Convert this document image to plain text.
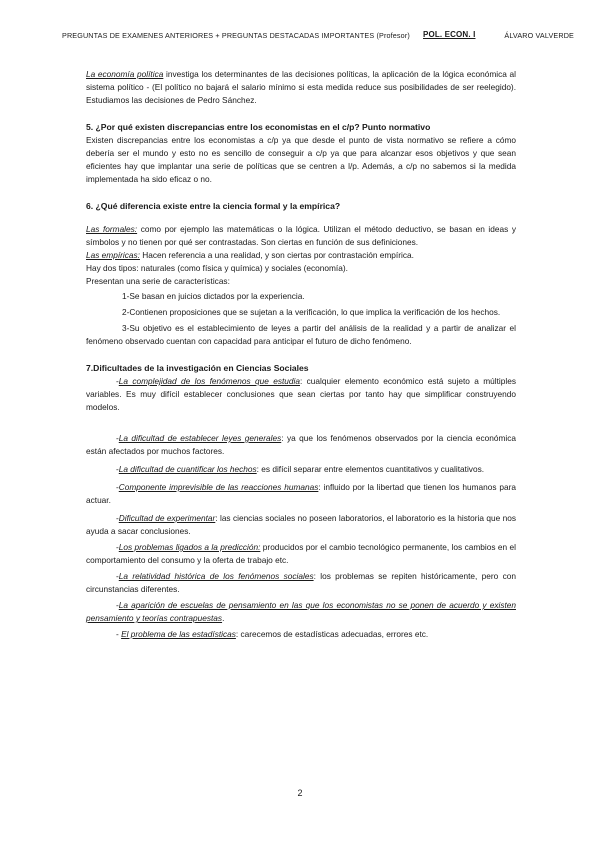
PREGUNTAS DE EXAMENES ANTERIORES + PREGUNTAS DESTACADAS IMPORTANTES (Profesor) POL. ECON. I	ÁLVARO VALVERDE

La economía política investiga los determinantes de las decisiones políticas, la aplicación de la lógica económica al sistema político - (El político no bajará el salario mínimo si esta medida reduce sus posibilidades de ser reelegido). Estudiamos las decisiones de Pedro Sánchez.

5. ¿Por qué existen discrepancias entre los economistas en el c/p? Punto normativo

Existen discrepancias entre los economistas a c/p ya que desde el punto de vista normativo se refiere a cómo debería ser el mundo y esto no es sencillo de conseguir a c/p ya que para alcanzar esos objetivos y que sean eficientes hay que implantar una serie de políticas que se centren a l/p. Además, a c/p no sabemos si la medida implementada ha sido eficaz o no.

6. ¿Qué diferencia existe entre la ciencia formal y la empírica?

Las formales: como por ejemplo las matemáticas o la lógica. Utilizan el método deductivo, se basan en ideas y símbolos y no tienen por qué ser contrastadas. Son ciertas en función de sus definiciones.

Las empíricas: Hacen referencia a una realidad, y son ciertas por contrastación empírica.

Hay dos tipos: naturales (como física y química) y sociales (economía).

Presentan una serie de características:

1-Se basan en juicios dictados por la experiencia.

2-Contienen proposiciones que se sujetan a la verificación, lo que implica la verificación de los hechos.

3-Su objetivo es el establecimiento de leyes a partir del análisis de la realidad y a partir de analizar el fenómeno observado cuentan con capacidad para anticipar el futuro de dicho fenómeno.

7.Dificultades de la investigación en Ciencias Sociales

-La complejidad de los fenómenos que estudia: cualquier elemento económico está sujeto a múltiples variables. Es muy difícil establecer conclusiones que sean ciertas por tanto hay que simplificar construyendo modelos.

-La dificultad de establecer leyes generales: ya que los fenómenos observados por la ciencia económica están afectados por muchos factores.

-La dificultad de cuantificar los hechos: es difícil separar entre elementos cuantitativos y cualitativos.

-Componente imprevisible de las reacciones humanas: influido por la libertad que tienen los humanos para actuar.

-Dificultad de experimentar: las ciencias sociales no poseen laboratorios, el laboratorio es la historia que nos ayuda a sacar conclusiones.

-Los problemas ligados a la predicción: producidos por el cambio tecnológico permanente, los cambios en el comportamiento del consumo y la oferta de trabajo etc.

-La relatividad histórica de los fenómenos sociales: los problemas se repiten históricamente, pero con circunstancias diferentes.

-La aparición de escuelas de pensamiento en las que los economistas no se ponen de acuerdo y existen pensamiento y teorías contrapuestas.

- El problema de las estadísticas: carecemos de estadísticas adecuadas, errores etc.

2
